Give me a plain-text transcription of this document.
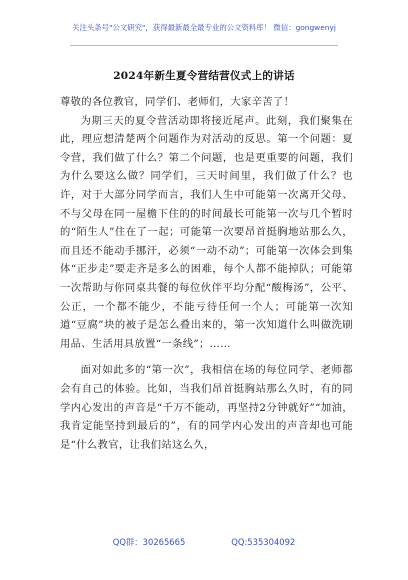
关注头条号"公文研究"，获得最新最全最专业的公文资料库！ 微信：gongwenyj
2024年新生夏令营结营仪式上的讲话

尊敬的各位教官，同学们、老师们，大家辛苦了！

为期三天的夏令营活动即将接近尾声。此刻，我们聚集在此，理应想清楚两个问题作为对活动的反思。第一个问题：夏令营，我们做了什么？第二个问题，也是更重要的问题，我们为什么要这么做？同学们，三天时间里，我们做了什么？也许，对于大部分同学而言，我们人生中可能第一次离开父母、不与父母在同一屋檐下住的的时间最长可能第一次与几个暂时的“陌生人”住在了一起；可能第一次要昂首挺胸地站那么久，而且还不能动手挪汗，必须“一动不动”；可能第一次体会到集体“正步走”要走齐是多么的困难，每个人都不能掉队；可能第一次帮助与你同桌共餐的每位伙伴平均分配“酸梅汤”，公平、公正，一个都不能少，不能亏待任何一个人；可能第一次知道“豆腐”块的被子是怎么叠出来的，第一次知道什么叫做洗刷用品、生活用具放置“一条线”；……

面对如此多的“第一次”，我相信在场的每位同学、老师都会有自己的体验。比如，当我们昂首挺胸站那么久时，有的同学内心发出的声音是“千万不能动，再坚持2分钟就好”“加油，我肯定能坚持到最后的”，有的同学内心发出的声音却也可能是“什么教官，让我们站这么久，

QQ群：30265665	QQ:535304092
